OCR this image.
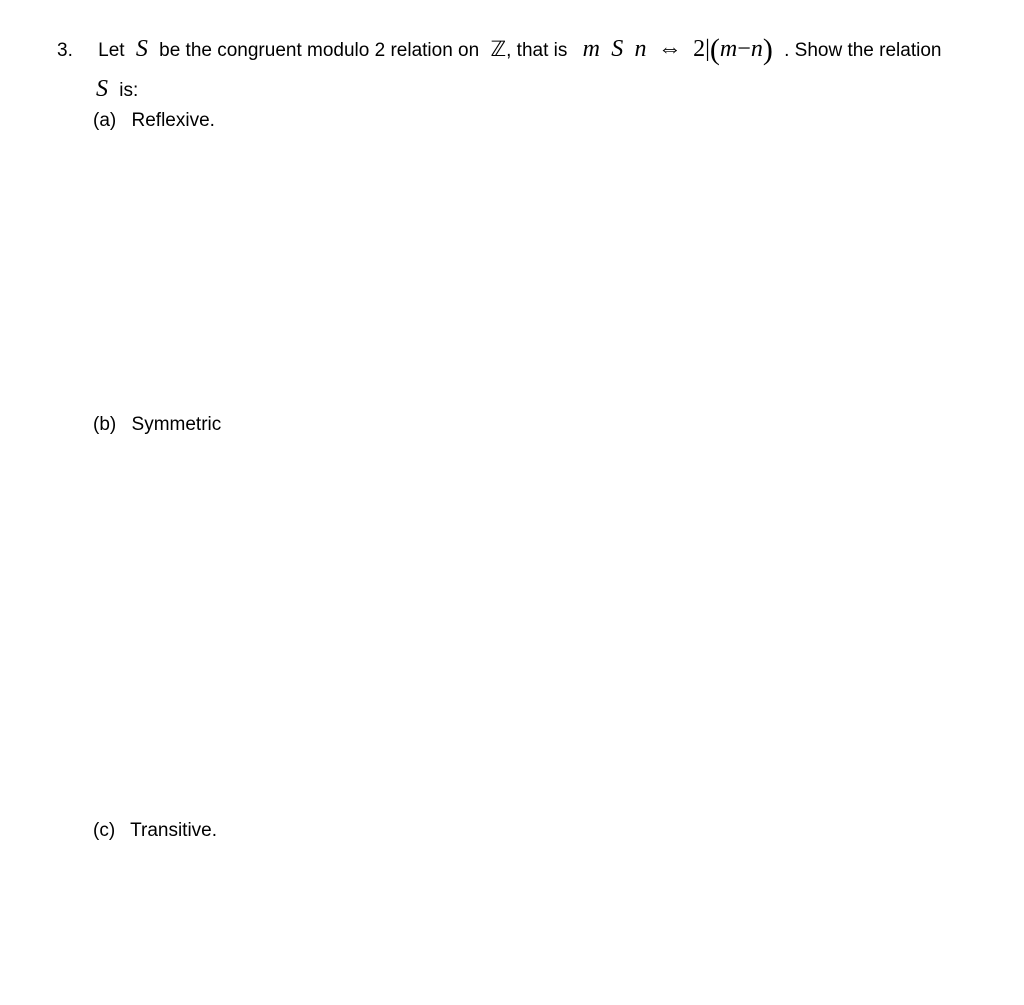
3. Let S be the congruent modulo 2 relation on ℤ, that is m S n ⇔ 2|(m−n) . Show the relation
S is:
(a) Reflexive.
(b) Symmetric
(c) Transitive.
